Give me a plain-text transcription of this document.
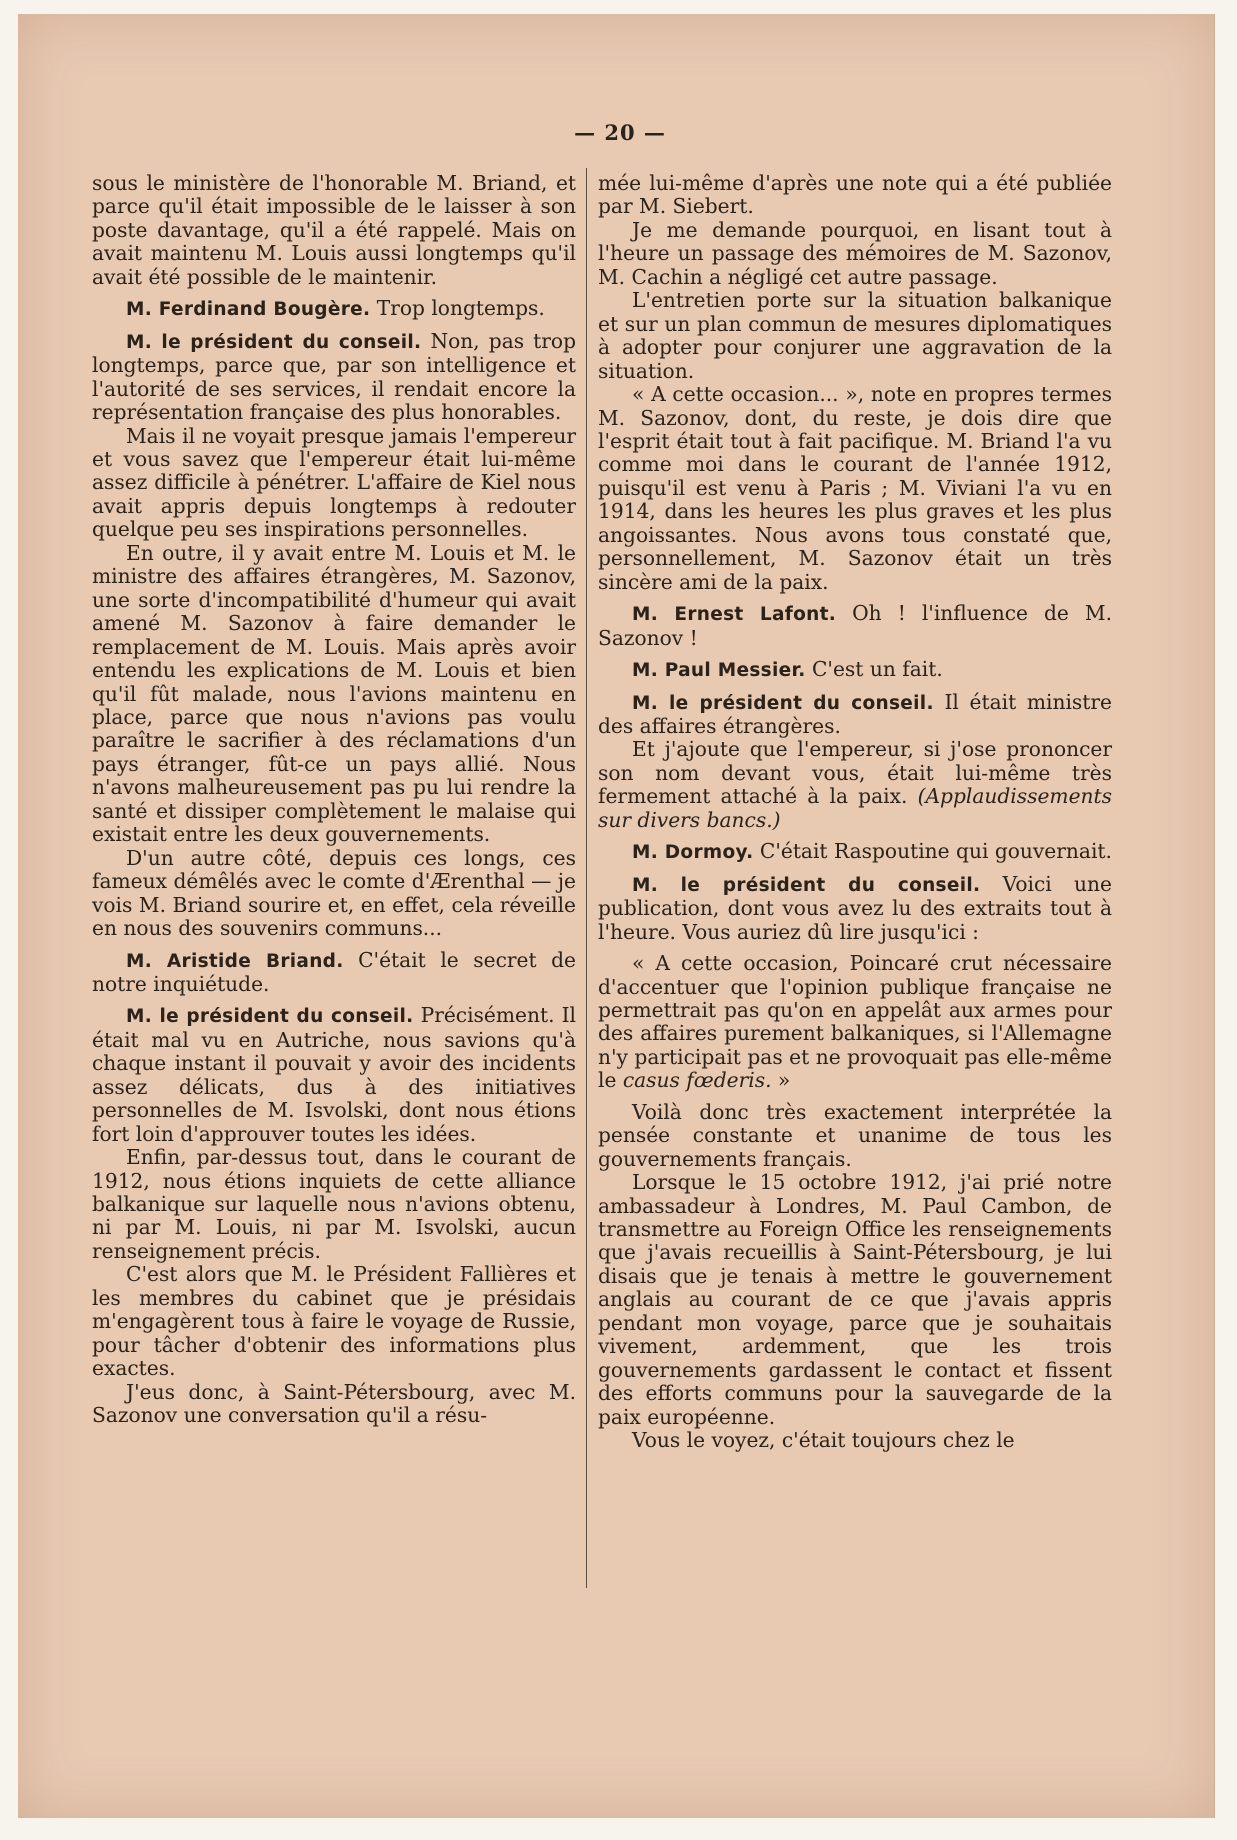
— 20 —

sous le ministère de l'honorable M. Briand, et parce qu'il était impossible de le laisser à son poste davantage, qu'il a été rappelé. Mais on avait maintenu M. Louis aussi longtemps qu'il avait été possible de le maintenir.

M. Ferdinand Bougère. Trop longtemps.

M. le président du conseil. Non, pas trop longtemps, parce que, par son intelligence et l'autorité de ses services, il rendait encore la représentation française des plus honorables.

Mais il ne voyait presque jamais l'empereur et vous savez que l'empereur était lui-même assez difficile à pénétrer. L'affaire de Kiel nous avait appris depuis longtemps à redouter quelque peu ses inspirations personnelles.

En outre, il y avait entre M. Louis et M. le ministre des affaires étrangères, M. Sazonov, une sorte d'incompatibilité d'humeur qui avait amené M. Sazonov à faire demander le remplacement de M. Louis. Mais après avoir entendu les explications de M. Louis et bien qu'il fût malade, nous l'avions maintenu en place, parce que nous n'avions pas voulu paraître le sacrifier à des réclamations d'un pays étranger, fût-ce un pays allié. Nous n'avons malheureusement pas pu lui rendre la santé et dissiper complètement le malaise qui existait entre les deux gouvernements.

D'un autre côté, depuis ces longs, ces fameux démêlés avec le comte d'Ærenthal — je vois M. Briand sourire et, en effet, cela réveille en nous des souvenirs communs...

M. Aristide Briand. C'était le secret de notre inquiétude.

M. le président du conseil. Précisément. Il était mal vu en Autriche, nous savions qu'à chaque instant il pouvait y avoir des incidents assez délicats, dus à des initiatives personnelles de M. Isvolski, dont nous étions fort loin d'approuver toutes les idées.

Enfin, par-dessus tout, dans le courant de 1912, nous étions inquiets de cette alliance balkanique sur laquelle nous n'avions obtenu, ni par M. Louis, ni par M. Isvolski, aucun renseignement précis.

C'est alors que M. le Président Fallières et les membres du cabinet que je présidais m'engagèrent tous à faire le voyage de Russie, pour tâcher d'obtenir des informations plus exactes.

J'eus donc, à Saint-Pétersbourg, avec M. Sazonov une conversation qu'il a résu-

mée lui-même d'après une note qui a été publiée par M. Siebert.

Je me demande pourquoi, en lisant tout à l'heure un passage des mémoires de M. Sazonov, M. Cachin a négligé cet autre passage.

L'entretien porte sur la situation balkanique et sur un plan commun de mesures diplomatiques à adopter pour conjurer une aggravation de la situation.

« A cette occasion... », note en propres termes M. Sazonov, dont, du reste, je dois dire que l'esprit était tout à fait pacifique. M. Briand l'a vu comme moi dans le courant de l'année 1912, puisqu'il est venu à Paris ; M. Viviani l'a vu en 1914, dans les heures les plus graves et les plus angoissantes. Nous avons tous constaté que, personnellement, M. Sazonov était un très sincère ami de la paix.

M. Ernest Lafont. Oh ! l'influence de M. Sazonov !

M. Paul Messier. C'est un fait.

M. le président du conseil. Il était ministre des affaires étrangères.

Et j'ajoute que l'empereur, si j'ose prononcer son nom devant vous, était lui-même très fermement attaché à la paix. (Applaudissements sur divers bancs.)

M. Dormoy. C'était Raspoutine qui gouvernait.

M. le président du conseil. Voici une publication, dont vous avez lu des extraits tout à l'heure. Vous auriez dû lire jusqu'ici :

« A cette occasion, Poincaré crut nécessaire d'accentuer que l'opinion publique française ne permettrait pas qu'on en appelât aux armes pour des affaires purement balkaniques, si l'Allemagne n'y participait pas et ne provoquait pas elle-même le casus fœderis. »

Voilà donc très exactement interprétée la pensée constante et unanime de tous les gouvernements français.

Lorsque le 15 octobre 1912, j'ai prié notre ambassadeur à Londres, M. Paul Cambon, de transmettre au Foreign Office les renseignements que j'avais recueillis à Saint-Pétersbourg, je lui disais que je tenais à mettre le gouvernement anglais au courant de ce que j'avais appris pendant mon voyage, parce que je souhaitais vivement, ardemment, que les trois gouvernements gardassent le contact et fissent des efforts communs pour la sauvegarde de la paix européenne.

Vous le voyez, c'était toujours chez le
